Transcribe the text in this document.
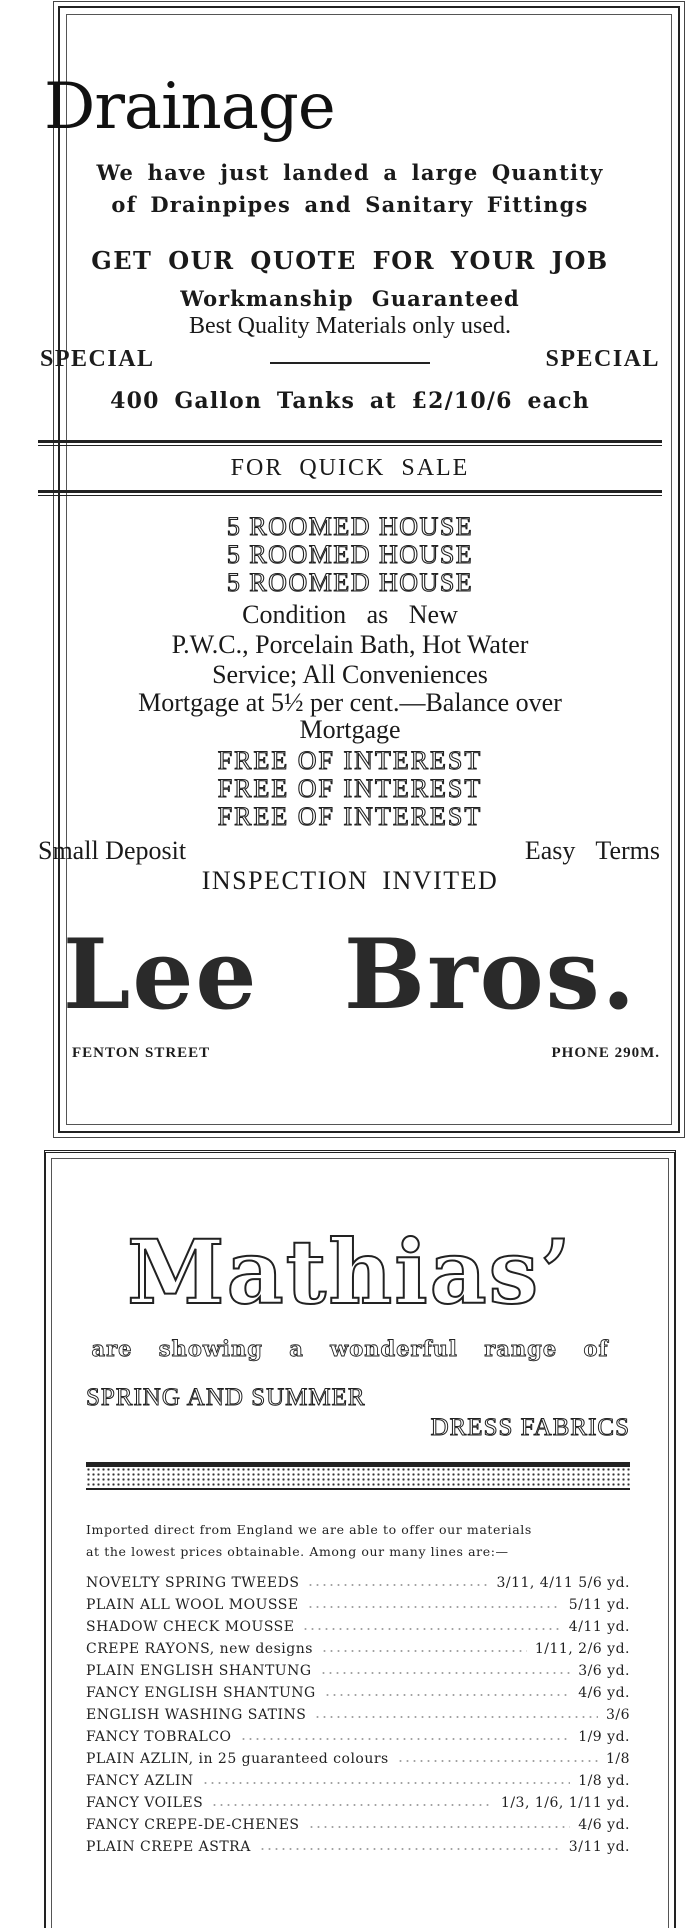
Drainage
We have just landed a large Quantity
of Drainpipes and Sanitary Fittings
GET OUR QUOTE FOR YOUR JOB
Workmanship Guaranteed
Best Quality Materials only used.
SPECIAL	SPECIAL
400 Gallon Tanks at £2/10/6 each
FOR QUICK SALE
5 ROOMED HOUSE
5 ROOMED HOUSE
5 ROOMED HOUSE
Condition as New
P.W.C., Porcelain Bath, Hot Water
Service; All Conveniences
Mortgage at 5½ per cent.—Balance over
Mortgage
FREE OF INTEREST
FREE OF INTEREST
FREE OF INTEREST
Small Deposit	Easy Terms
INSPECTION INVITED
Lee Bros.
FENTON STREET	PHONE 290M.
Mathias’
are showing a wonderful range of
SPRING AND SUMMER
DRESS FABRICS
Imported direct from England we are able to offer our materials
at the lowest prices obtainable. Among our many lines are:—
NOVELTY SPRING TWEEDS	3/11, 4/11 5/6 yd.
PLAIN ALL WOOL MOUSSE	5/11 yd.
SHADOW CHECK MOUSSE	4/11 yd.
CREPE RAYONS, new designs	1/11, 2/6 yd.
PLAIN ENGLISH SHANTUNG	3/6 yd.
FANCY ENGLISH SHANTUNG	4/6 yd.
ENGLISH WASHING SATINS	3/6
FANCY TOBRALCO	1/9 yd.
PLAIN AZLIN, in 25 guaranteed colours	1/8
FANCY AZLIN	1/8 yd.
FANCY VOILES	1/3, 1/6, 1/11 yd.
FANCY CREPE-DE-CHENES	4/6 yd.
PLAIN CREPE ASTRA	3/11 yd.
